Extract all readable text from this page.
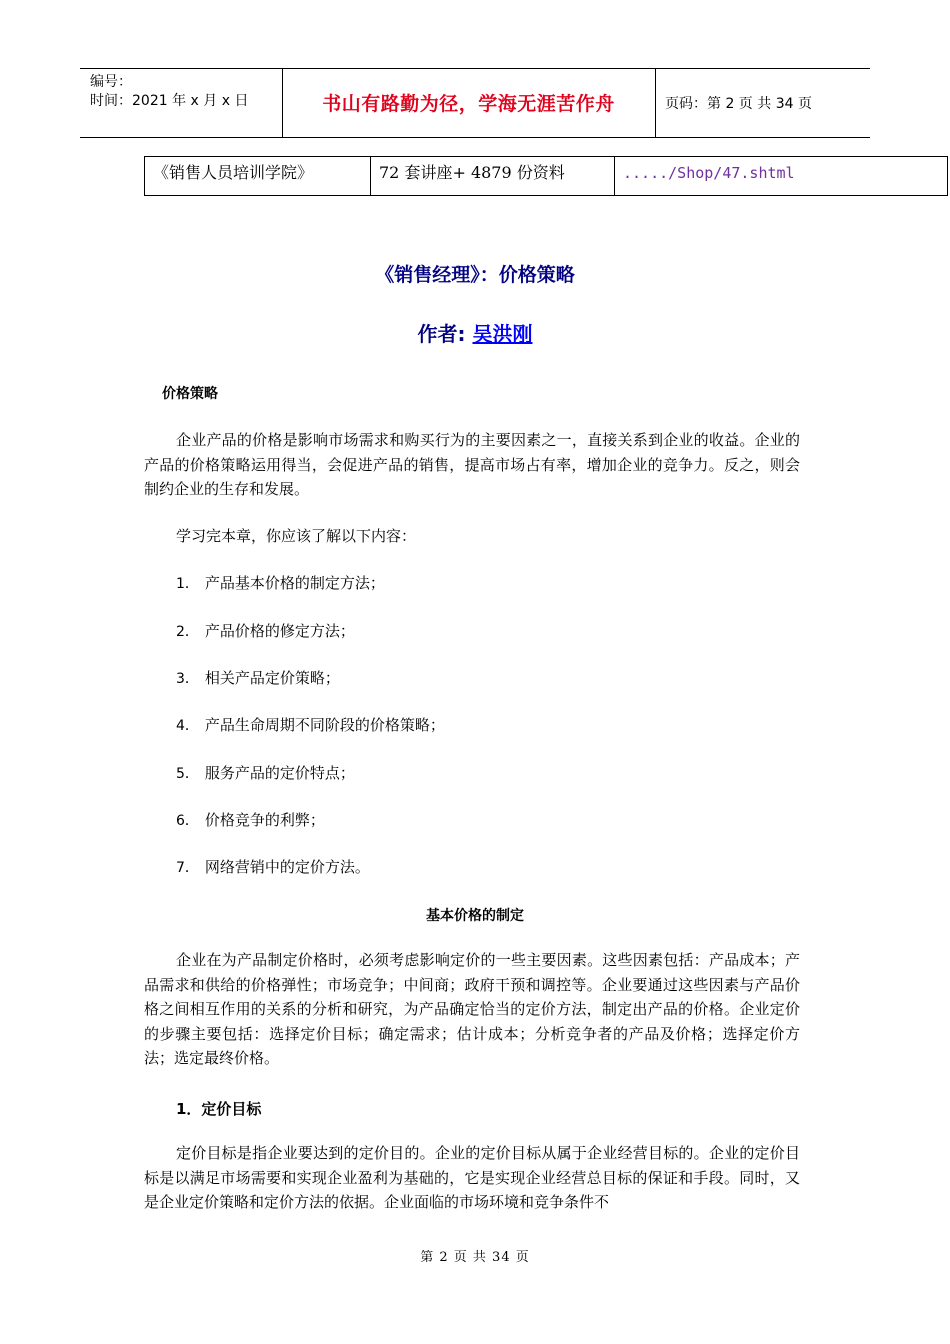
编号：
时间：2021 年 x 月 x 日	书山有路勤为径，学海无涯苦作舟	页码：第 2 页 共 34 页
《销售人员培训学院》	72 套讲座+ 4879 份资料	...../Shop/47.shtml
《销售经理》：价格策略
作者: 吴洪刚
价格策略
企业产品的价格是影响市场需求和购买行为的主要因素之一，直接关系到企业的收益。企业的产品的价格策略运用得当，会促进产品的销售，提高市场占有率，增加企业的竞争力。反之，则会制约企业的生存和发展。
学习完本章，你应该了解以下内容：
1． 产品基本价格的制定方法；
2． 产品价格的修定方法；
3． 相关产品定价策略；
4． 产品生命周期不同阶段的价格策略；
5． 服务产品的定价特点；
6． 价格竞争的利弊；
7． 网络营销中的定价方法。
基本价格的制定
企业在为产品制定价格时，必须考虑影响定价的一些主要因素。这些因素包括：产品成本；产品需求和供给的价格弹性；市场竞争；中间商；政府干预和调控等。企业要通过这些因素与产品价格之间相互作用的关系的分析和研究，为产品确定恰当的定价方法，制定出产品的价格。企业定价的步骤主要包括：选择定价目标；确定需求；估计成本；分析竞争者的产品及价格；选择定价方法；选定最终价格。
1．定价目标
定价目标是指企业要达到的定价目的。企业的定价目标从属于企业经营目标的。企业的定价目标是以满足市场需要和实现企业盈利为基础的，它是实现企业经营总目标的保证和手段。同时，又是企业定价策略和定价方法的依据。企业面临的市场环境和竞争条件不
第 2 页 共 34 页
